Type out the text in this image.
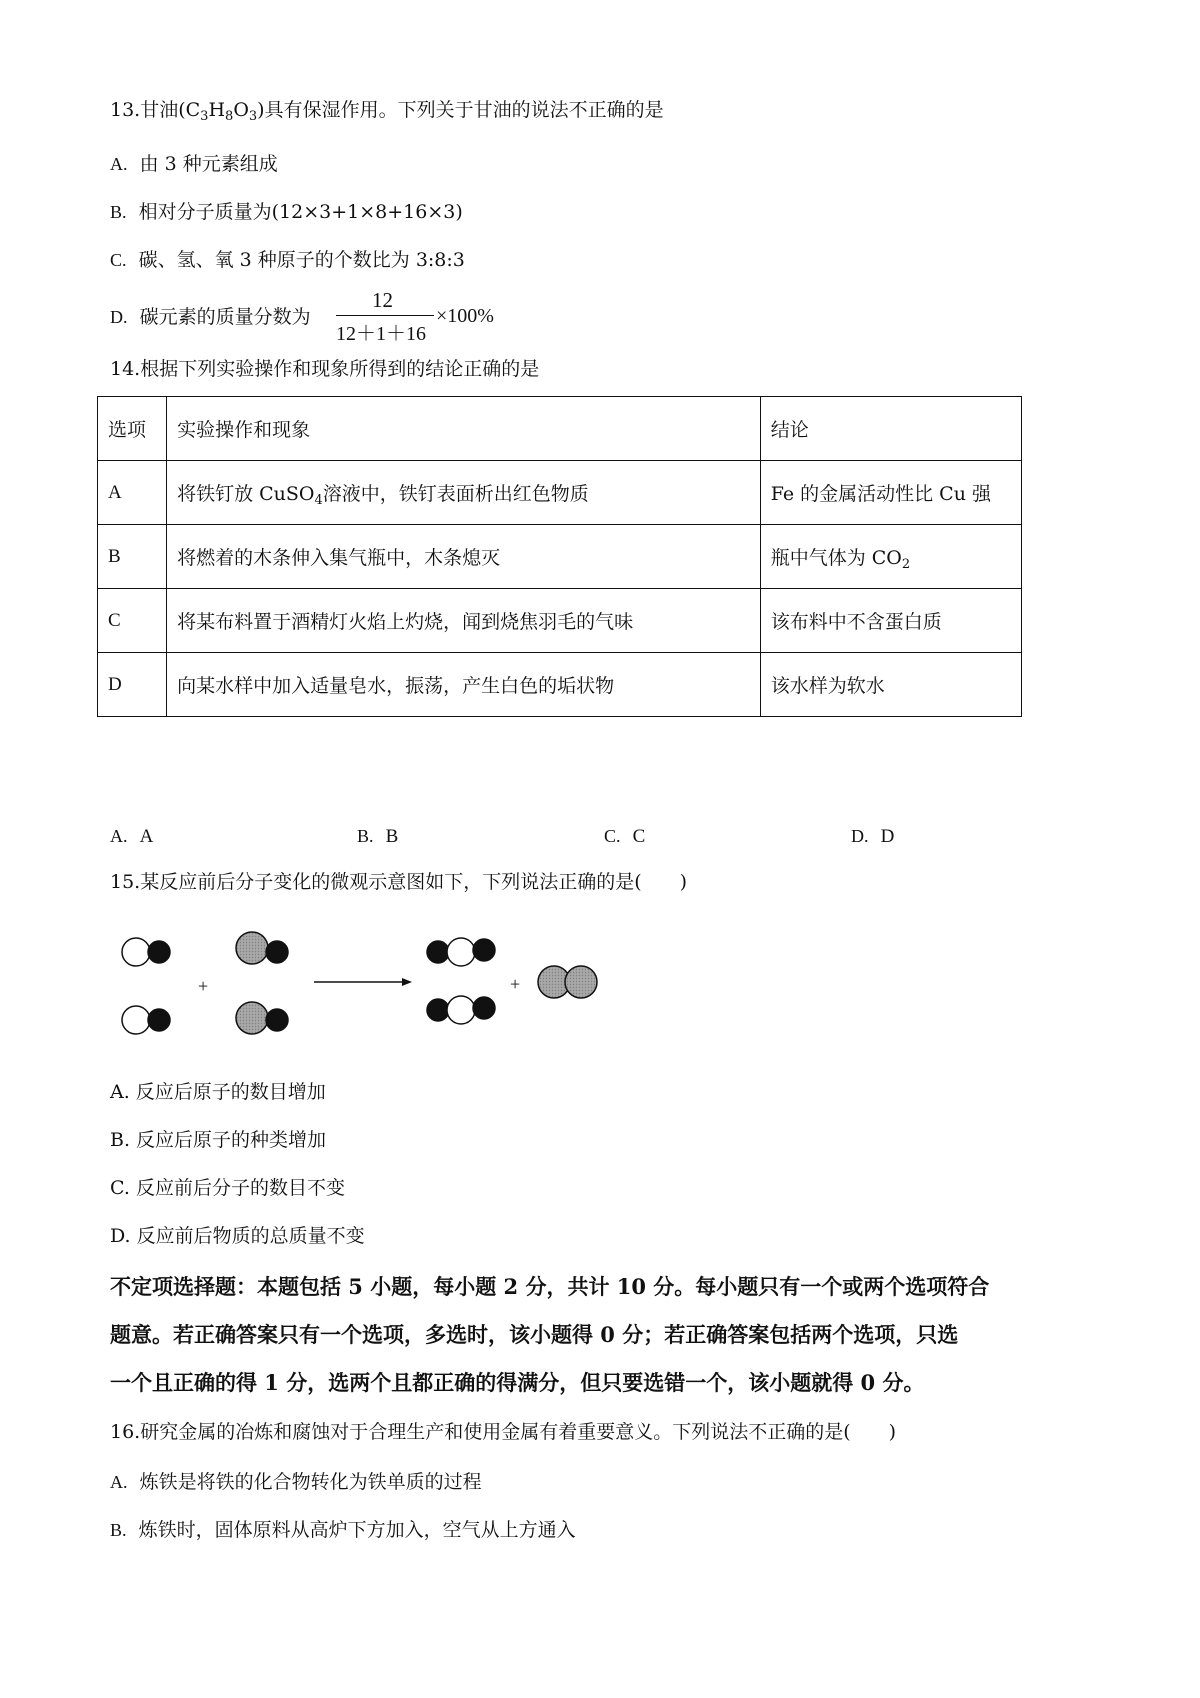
13.甘油$(C_3H_8O_3)$具有保湿作用。下列关于甘油的说法不正确的是
A. 由 3 种元素组成
B. 相对分子质量为(12×3+1×8+16×3)
C. 碳、氢、氧 3 种原子的个数比为 3:8:3
D. 碳元素的质量分数为
12
12＋1＋16
×100%
14.根据下列实验操作和现象所得到的结论正确的是
选项	实验操作和现象	结论
A	将铁钉放 CuSO$_4$溶液中，铁钉表面析出红色物质	Fe 的金属活动性比 Cu 强
B	将燃着的木条伸入集气瓶中，木条熄灭	瓶中气体为 $CO_2$
C	将某布料置于酒精灯火焰上灼烧，闻到烧焦羽毛的气味	该布料中不含蛋白质
D	向某水样中加入适量皂水，振荡，产生白色的垢状物	该水样为软水
A. A	B. B	C. C	D. D
15.某反应前后分子变化的微观示意图如下，下列说法正确的是(　　)
+	+
A. 反应后原子的数目增加
B. 反应后原子的种类增加
C. 反应前后分子的数目不变
D. 反应前后物质的总质量不变
不定项选择题：本题包括 5 小题，每小题 2 分，共计 10 分。每小题只有一个或两个选项符合
题意。若正确答案只有一个选项，多选时，该小题得 0 分；若正确答案包括两个选项，只选
一个且正确的得 1 分，选两个且都正确的得满分，但只要选错一个，该小题就得 0 分。
16.研究金属的冶炼和腐蚀对于合理生产和使用金属有着重要意义。下列说法不正确的是(　　)
A. 炼铁是将铁的化合物转化为铁单质的过程
B. 炼铁时，固体原料从高炉下方加入，空气从上方通入
